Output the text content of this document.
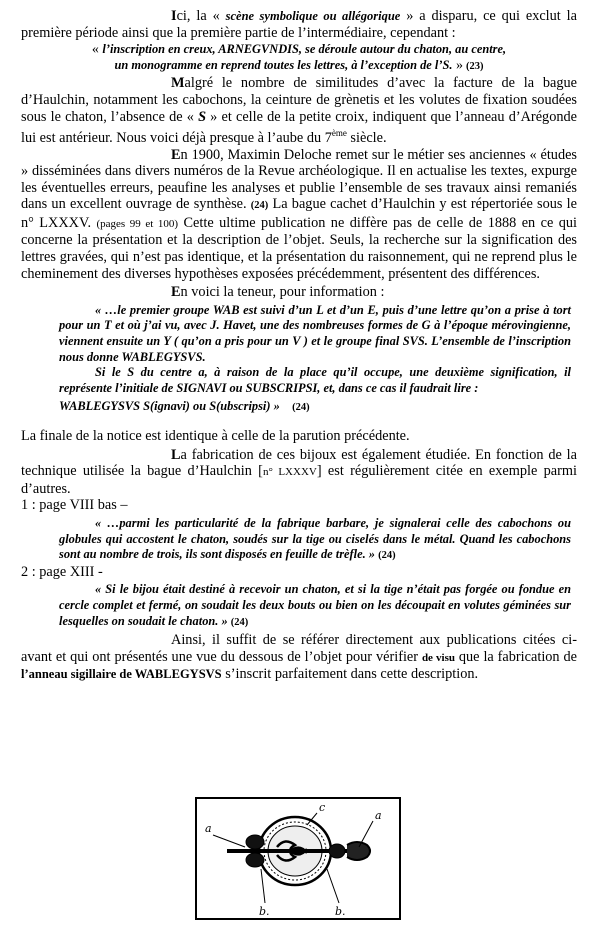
Ici, la « scène symbolique ou allégorique » a disparu, ce qui exclut la première période ainsi que la première partie de l’intermédiaire, cependant :

« l’inscription en creux, ARNEGVNDIS, se déroule autour du chaton, au centre,
un monogramme en reprend toutes les lettres, à l’exception de l’S. » (23)

Malgré le nombre de similitudes d’avec la facture de la bague d’Haulchin, notamment les cabochons, la ceinture de grènetis et les volutes de fixation soudées sous le chaton, l’absence de « S » et celle de la petite croix, indiquent que l’anneau d’Arégonde lui est antérieur. Nous voici déjà presque à l’aube du 7ème siècle.

En 1900, Maximin Deloche remet sur le métier ses anciennes « études » disséminées dans divers numéros de la Revue archéologique. Il en actualise les textes, expurge les éventuelles erreurs, peaufine les analyses et publie l’ensemble de ses travaux ainsi remaniés dans un excellent ouvrage de synthèse. (24) La bague cachet d’Haulchin y est répertoriée sous le n° LXXXV. (pages 99 et 100) Cette ultime publication ne diffère pas de celle de 1888 en ce qui concerne la présentation et la description de l’objet. Seuls, la recherche sur la signification des lettres gravées, qui n’est pas identique, et la présentation du raisonnement, qui ne reprend plus le cheminement des diverses hypothèses exposées précédemment, présentent des différences.

En voici la teneur, pour information :

« …le premier groupe WAB est suivi d’un L et d’un E, puis d’une lettre qu’on a prise à tort pour un T et où j’ai vu, avec J. Havet, une des nombreuses formes de G à l’époque mérovingienne, viennent ensuite un Y ( qu’on a pris pour un V ) et le groupe final SVS. L’ensemble de l’inscription nous donne WABLEGYSVS.

Si le S du centre a, à raison de la place qu’il occupe, une deuxième signification, il représente l’initiale de SIGNAVI ou SUBSCRIPSI, et, dans ce cas il faudrait lire :

WABLEGYSVS S(ignavi) ou S(ubscripsi) » (24)

La finale de la notice est identique à celle de la parution précédente.

La fabrication de ces bijoux est également étudiée. En fonction de la technique utilisée la bague d’Haulchin [n° LXXXV] est régulièrement citée en exemple parmi d’autres.

1 : page VIII bas –

« …parmi les particularité de la fabrique barbare, je signalerai celle des cabochons ou globules qui accostent le chaton, soudés sur la tige ou ciselés dans le métal. Quand les cabochons sont au nombre de trois, ils sont disposés en feuille de trèfle. » (24)

2 : page XIII -

« Si le bijou était destiné à recevoir un chaton, et si la tige n’était pas forgée ou fondue en cercle complet et fermé, on soudait les deux bouts ou bien on les découpait en volutes géminées sur lesquelles on soudait le chaton. » (24)

Ainsi, il suffit de se référer directement aux publications citées ci-avant et qui ont présentés une vue du dessous de l’objet pour vérifier de visu que la fabrication de l’anneau sigillaire de WABLEGYSVS s’inscrit parfaitement dans cette description.

a
c
a
b.	b.
